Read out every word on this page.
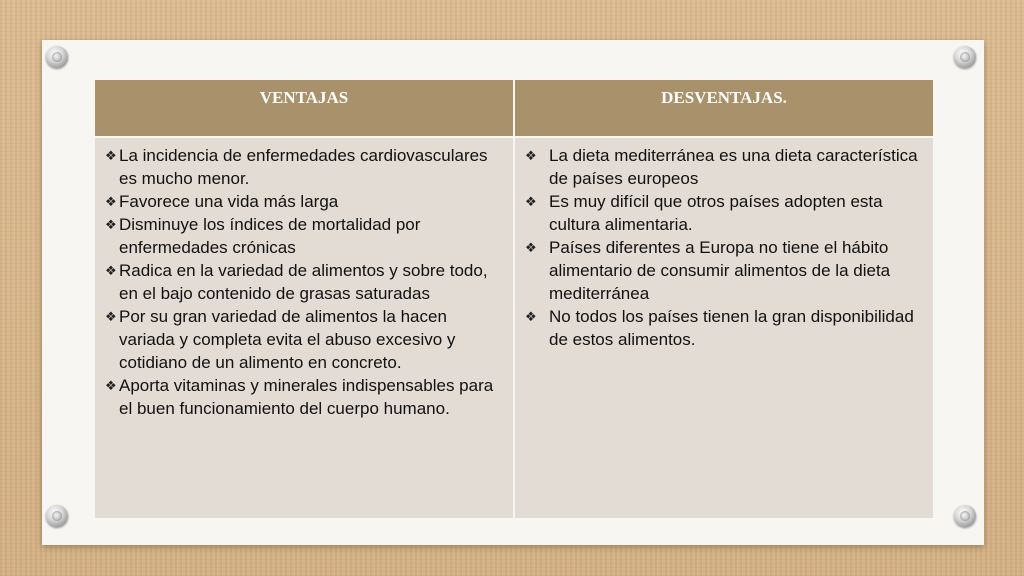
VENTAJAS	DESVENTAJAS.
❖ La incidencia de enfermedades cardiovasculares es mucho menor.
❖ Favorece una vida más larga
❖ Disminuye los índices de mortalidad por enfermedades crónicas
❖ Radica en la variedad de alimentos y sobre todo, en el bajo contenido de grasas saturadas
❖ Por su gran variedad de alimentos la hacen variada y completa evita el abuso excesivo y cotidiano de un alimento en concreto.
❖ Aporta vitaminas y minerales indispensables para el buen funcionamiento del cuerpo humano.
❖ La dieta mediterránea es una dieta característica de países europeos
❖ Es muy difícil que otros países adopten esta cultura alimentaria.
❖ Países diferentes a Europa no tiene el hábito alimentario de consumir alimentos de la dieta mediterránea
❖ No todos los países tienen la gran disponibilidad de estos alimentos.
